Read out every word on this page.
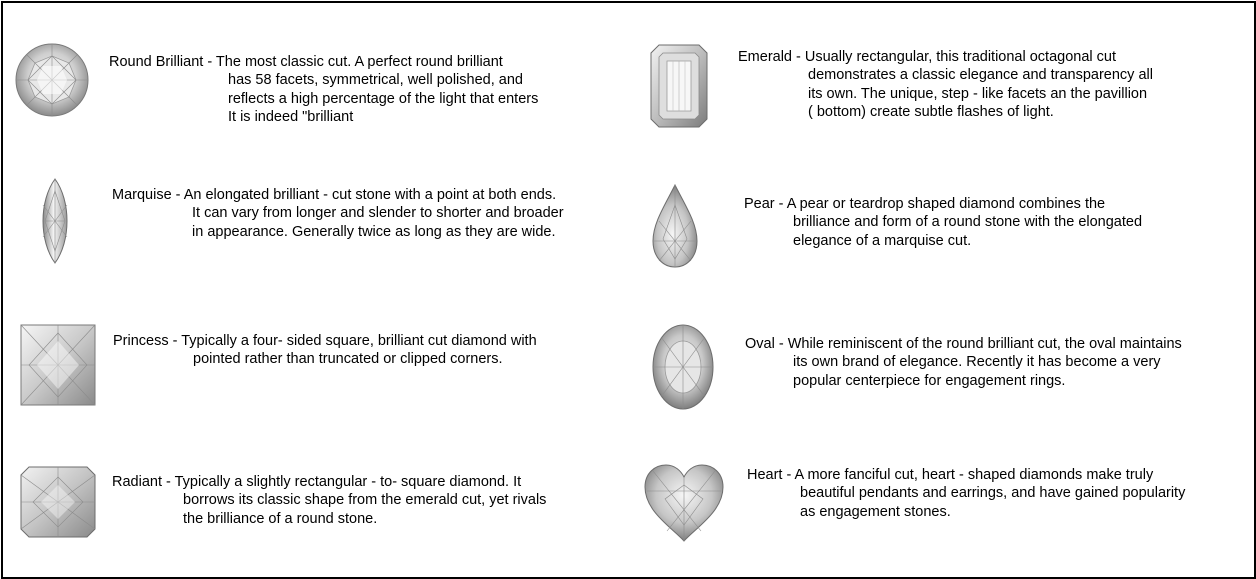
Round Brilliant - The most classic cut. A perfect round brilliant
has 58 facets, symmetrical, well polished, and
reflects a high percentage of the light that enters
It is indeed "brilliant
Emerald - Usually rectangular, this traditional octagonal cut
demonstrates a classic elegance and transparency all
its own. The unique, step - like facets an the pavillion
( bottom) create subtle flashes of light.
Marquise - An elongated brilliant - cut stone with a point at both ends.
It can vary from longer and slender to shorter and broader
in appearance. Generally twice as long as they are wide.
Pear - A pear or teardrop shaped diamond combines the
brilliance and form of a round stone with the elongated
elegance of a marquise cut.
Princess - Typically a four- sided square, brilliant cut diamond with
pointed rather than truncated or clipped corners.
Oval - While reminiscent of the round brilliant cut, the oval maintains
its own brand of elegance. Recently it has become a very
popular centerpiece for engagement rings.
Radiant - Typically a slightly rectangular - to- square diamond. It
borrows its classic shape from the emerald cut, yet rivals
the brilliance of a round stone.
Heart - A more fanciful cut, heart - shaped diamonds make truly
beautiful pendants and earrings, and have gained popularity
as engagement stones.
